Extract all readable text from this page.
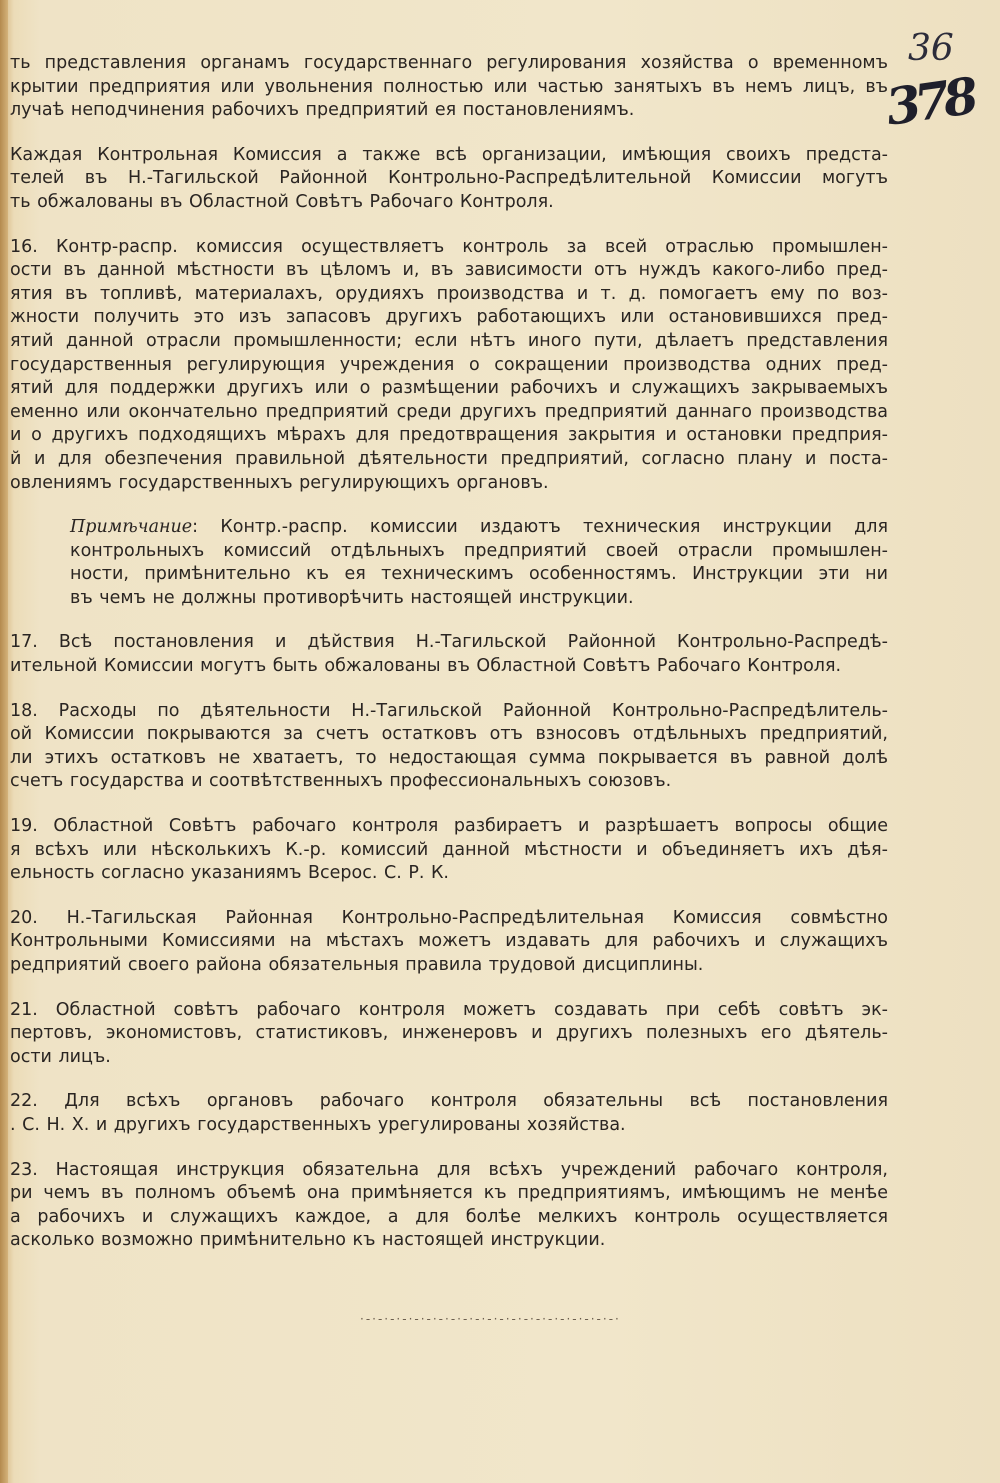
36
378
ть представления органамъ государственнаго регулирования хозяйства о временномъ
крытии предприятия или увольнения полностью или частью занятыхъ въ немъ лицъ, въ
лучаѣ неподчинения рабочихъ предприятий ея постановлениямъ.
Каждая Контрольная Комиссия а также всѣ организации, имѣющия своихъ предста-
телей въ Н.-Тагильской Районной Контрольно-Распредѣлительной Комиссии могутъ
ть обжалованы въ Областной Совѣтъ Рабочаго Контроля.
16. Контр-распр. комиссия осуществляетъ контроль за всей отраслью промышлен-
ости въ данной мѣстности въ цѣломъ и, въ зависимости отъ нуждъ какого-либо пред-
ятия въ топливѣ, материалахъ, орудияхъ производства и т. д. помогаетъ ему по воз-
жности получить это изъ запасовъ другихъ работающихъ или остановившихся пред-
ятий данной отрасли промышленности; если нѣтъ иного пути, дѣлаетъ представления
государственныя регулирующия учреждения о сокращении производства одних пред-
ятий для поддержки другихъ или о размѣщении рабочихъ и служащихъ закрываемыхъ
еменно или окончательно предприятий среди другихъ предприятий даннаго производства
и о другихъ подходящихъ мѣрахъ для предотвращения закрытия и остановки предприя-
й и для обезпечения правильной дѣятельности предприятий, согласно плану и поста-
овлениямъ государственныхъ регулирующихъ органовъ.
Примѣчание: Контр.-распр. комиссии издаютъ техническия инструкции для
контрольныхъ комиссий отдѣльныхъ предприятий своей отрасли промышлен-
ности, примѣнительно къ ея техническимъ особенностямъ. Инструкции эти ни
въ чемъ не должны противорѣчить настоящей инструкции.
17. Всѣ постановления и дѣйствия Н.-Тагильской Районной Контрольно-Распредѣ-
ительной Комиссии могутъ быть обжалованы въ Областной Совѣтъ Рабочаго Контроля.
18. Расходы по дѣятельности Н.-Тагильской Районной Контрольно-Распредѣлитель-
ой Комиссии покрываются за счетъ остатковъ отъ взносовъ отдѣльныхъ предприятий,
ли этихъ остатковъ не хватаетъ, то недостающая сумма покрывается въ равной долѣ
счетъ государства и соотвѣтственныхъ профессиональныхъ союзовъ.
19. Областной Совѣтъ рабочаго контроля разбираетъ и разрѣшаетъ вопросы общие
я всѣхъ или нѣсколькихъ К.-р. комиссий данной мѣстности и объединяетъ ихъ дѣя-
ельность согласно указаниямъ Всерос. С. Р. К.
20. Н.-Тагильская Районная Контрольно-Распредѣлительная Комиссия совмѣстно
Контрольными Комиссиями на мѣстахъ можетъ издавать для рабочихъ и служащихъ
редприятий своего района обязательныя правила трудовой дисциплины.
21. Областной совѣтъ рабочаго контроля можетъ создавать при себѣ совѣтъ эк-
пертовъ, экономистовъ, статистиковъ, инженеровъ и другихъ полезныхъ его дѣятель-
ости лицъ.
22. Для всѣхъ органовъ рабочаго контроля обязательны всѣ постановления
. С. Н. Х. и другихъ государственныхъ урегулированы хозяйства.
23. Настоящая инструкция обязательна для всѣхъ учреждений рабочаго контроля,
ри чемъ въ полномъ объемѣ она примѣняется къ предприятиямъ, имѣющимъ не менѣе
а рабочихъ и служащихъ каждое, а для болѣе мелкихъ контроль осуществляется
асколько возможно примѣнительно къ настоящей инструкции.
·-·-·-·-·-·-·-·-·-·-·-·-·-·-·-·-·-·-·-·-·-·
